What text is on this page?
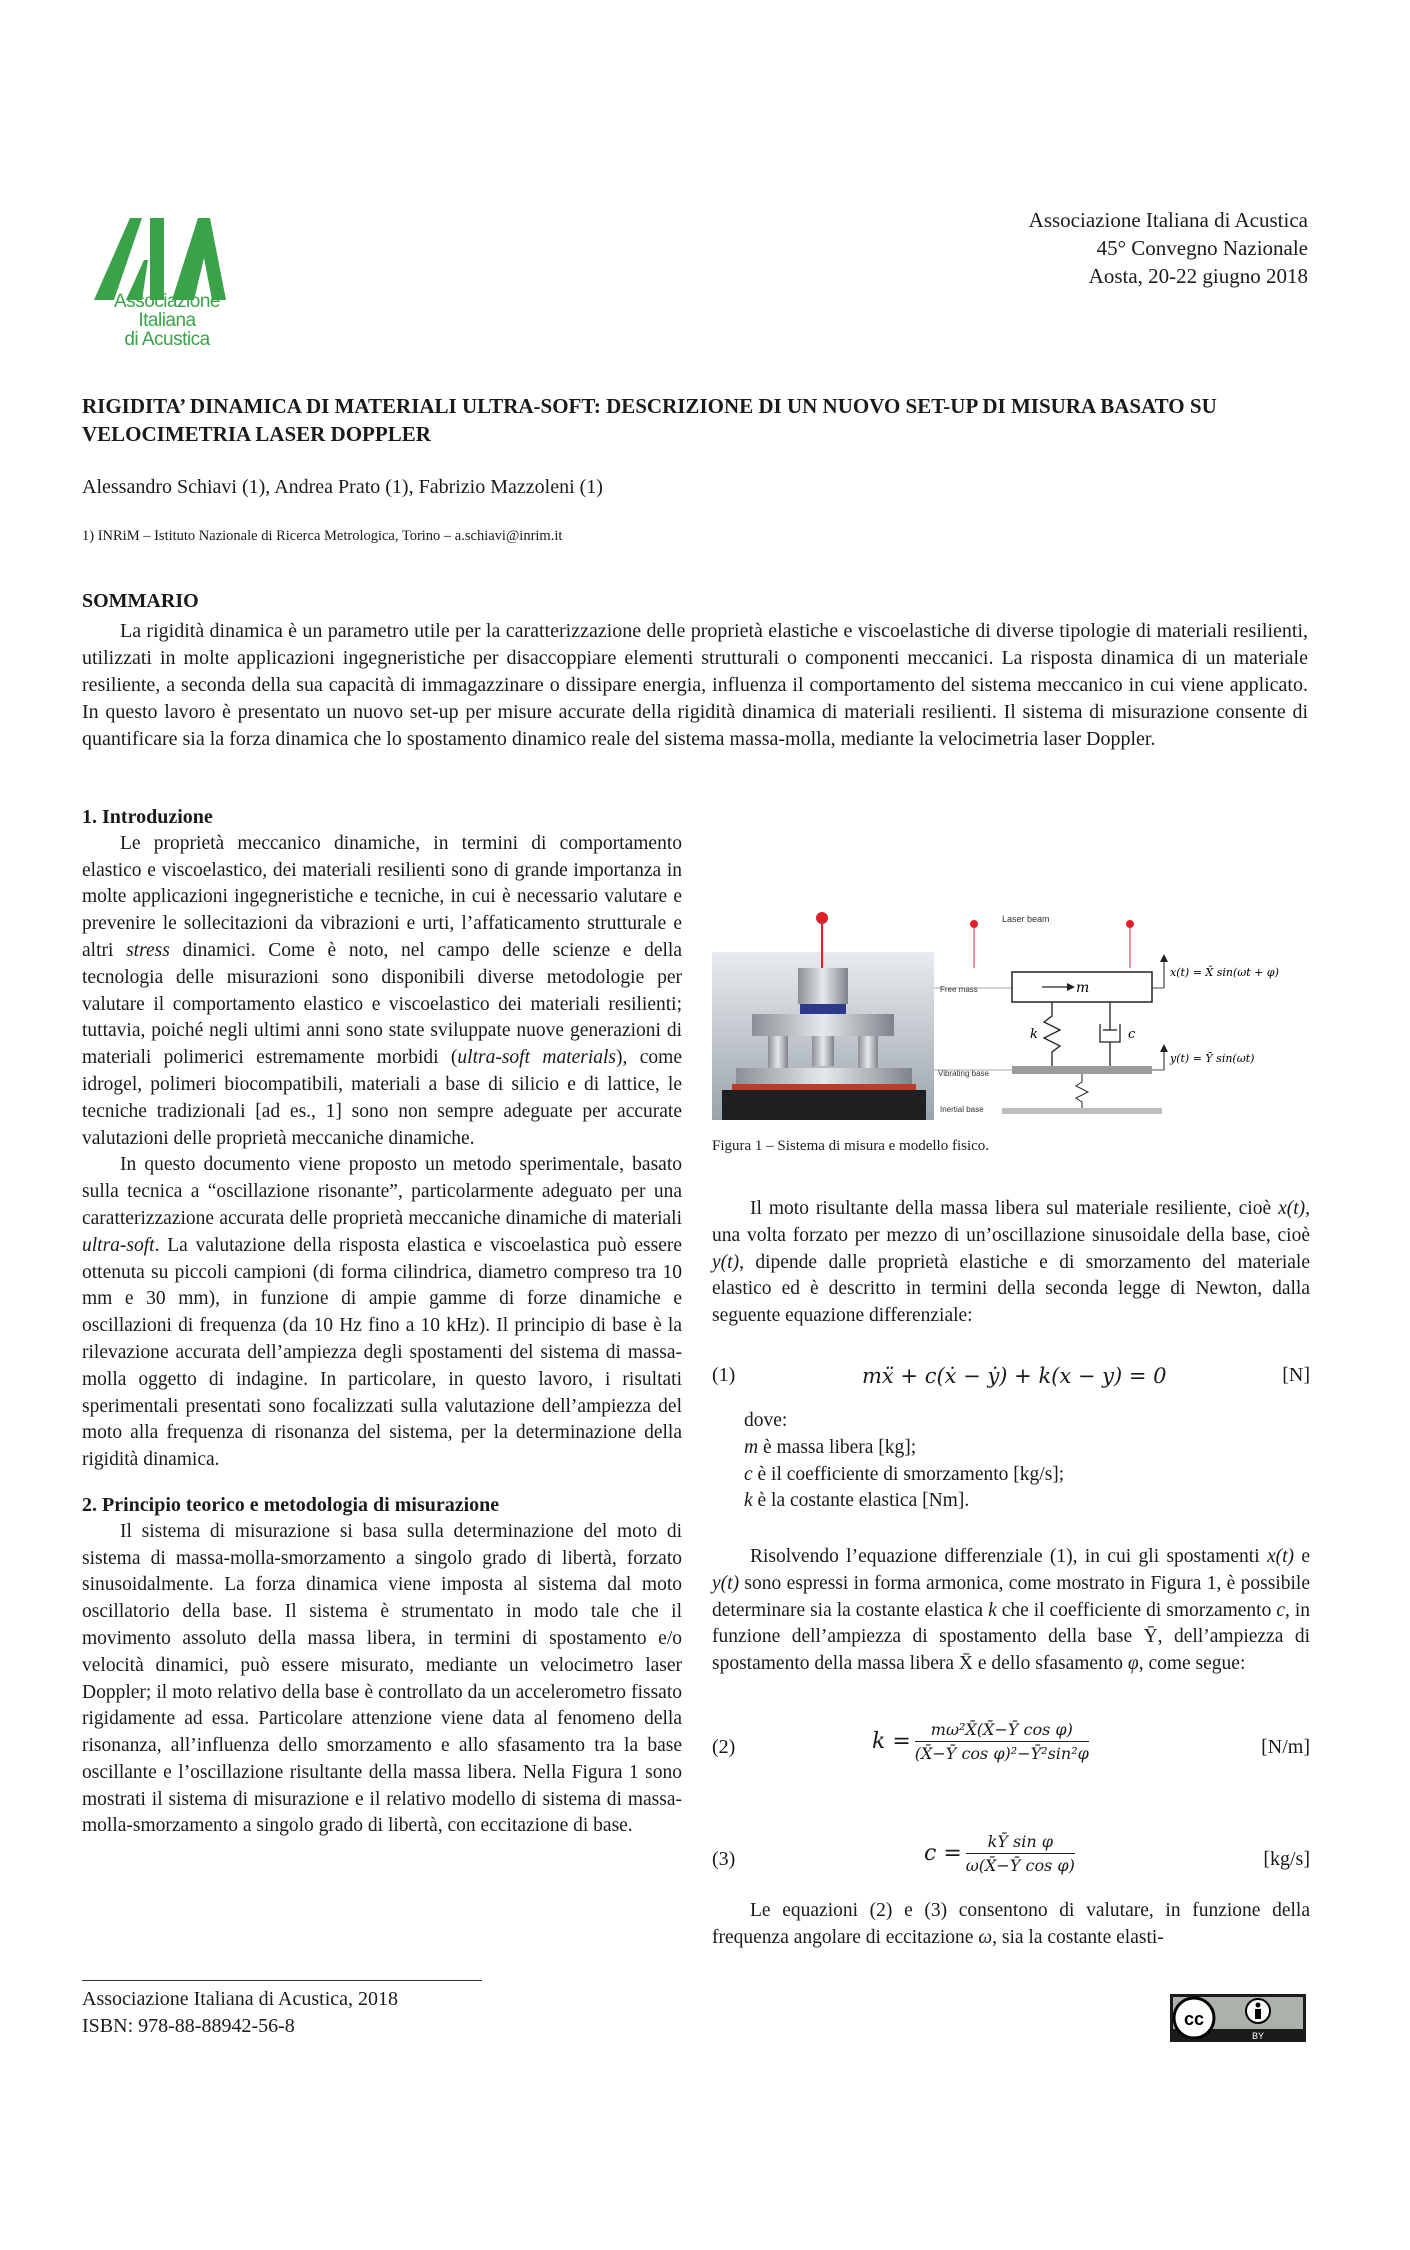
Associazione
Italiana
di Acustica
Associazione Italiana di Acustica
45° Convegno Nazionale
Aosta, 20-22 giugno 2018
RIGIDITA’ DINAMICA DI MATERIALI ULTRA-SOFT: DESCRIZIONE DI UN NUOVO SET-UP DI MISURA BASATO SU VELOCIMETRIA LASER DOPPLER
Alessandro Schiavi (1), Andrea Prato (1), Fabrizio Mazzoleni (1)
1) INRiM – Istituto Nazionale di Ricerca Metrologica, Torino – a.schiavi@inrim.it
SOMMARIO

La rigidità dinamica è un parametro utile per la caratterizzazione delle proprietà elastiche e viscoelastiche di diverse tipologie di materiali resilienti, utilizzati in molte applicazioni ingegneristiche per disaccoppiare elementi strutturali o componenti meccanici. La risposta dinamica di un materiale resiliente, a seconda della sua capacità di immagazzinare o dissipare energia, influenza il comportamento del sistema meccanico in cui viene applicato. In questo lavoro è presentato un nuovo set-up per misure accurate della rigidità dinamica di materiali resilienti. Il sistema di misurazione consente di quantificare sia la forza dinamica che lo spostamento dinamico reale del sistema massa-molla, mediante la velocimetria laser Doppler.

1. Introduzione

Le proprietà meccanico dinamiche, in termini di comportamento elastico e viscoelastico, dei materiali resilienti sono di grande importanza in molte applicazioni ingegneristiche e tecniche, in cui è necessario valutare e prevenire le sollecitazioni da vibrazioni e urti, l’affaticamento strutturale e altri stress dinamici. Come è noto, nel campo delle scienze e della tecnologia delle misurazioni sono disponibili diverse metodologie per valutare il comportamento elastico e viscoelastico dei materiali resilienti; tuttavia, poiché negli ultimi anni sono state sviluppate nuove generazioni di materiali polimerici estremamente morbidi (ultra-soft materials), come idrogel, polimeri biocompatibili, materiali a base di silicio e di lattice, le tecniche tradizionali [ad es., 1] sono non sempre adeguate per accurate valutazioni delle proprietà meccaniche dinamiche.

In questo documento viene proposto un metodo sperimentale, basato sulla tecnica a “oscillazione risonante”, particolarmente adeguato per una caratterizzazione accurata delle proprietà meccaniche dinamiche di materiali ultra-soft. La valutazione della risposta elastica e viscoelastica può essere ottenuta su piccoli campioni (di forma cilindrica, diametro compreso tra 10 mm e 30 mm), in funzione di ampie gamme di forze dinamiche e oscillazioni di frequenza (da 10 Hz fino a 10 kHz). Il principio di base è la rilevazione accurata dell’ampiezza degli spostamenti del sistema di massa-molla oggetto di indagine. In particolare, in questo lavoro, i risultati sperimentali presentati sono focalizzati sulla valutazione dell’ampiezza del moto alla frequenza di risonanza del sistema, per la determinazione della rigidità dinamica.

2. Principio teorico e metodologia di misurazione

Il sistema di misurazione si basa sulla determinazione del moto di sistema di massa-molla-smorzamento a singolo grado di libertà, forzato sinusoidalmente. La forza dinamica viene imposta al sistema dal moto oscillatorio della base. Il sistema è strumentato in modo tale che il movimento assoluto della massa libera, in termini di spostamento e/o velocità dinamici, può essere misurato, mediante un velocimetro laser Doppler; il moto relativo della base è controllato da un accelerometro fissato rigidamente ad essa. Particolare attenzione viene data al fenomeno della risonanza, all’influenza dello smorzamento e allo sfasamento tra la base oscillante e l’oscillazione risultante della massa libera. Nella Figura 1 sono mostrati il sistema di misurazione e il relativo modello di sistema di massa-molla-smorzamento a singolo grado di libertà, con eccitazione di base.

Laser beam
Free mass	m
k	c
Vibrating base
Inertial base
x(t) = X̄ sin(ωt + φ)
y(t) = Ȳ sin(ωt)
Figura 1 – Sistema di misura e modello fisico.

Il moto risultante della massa libera sul materiale resiliente, cioè x(t), una volta forzato per mezzo di un’oscillazione sinusoidale della base, cioè y(t), dipende dalle proprietà elastiche e di smorzamento del materiale elastico ed è descritto in termini della seconda legge di Newton, dalla seguente equazione differenziale:

(1)	mẍ + c(ẋ − ẏ) + k(x − y) = 0	[N]
dove:
m è massa libera [kg];
c è il coefficiente di smorzamento [kg/s];
k è la costante elastica [Nm].

Risolvendo l’equazione differenziale (1), in cui gli spostamenti x(t) e y(t) sono espressi in forma armonica, come mostrato in Figura 1, è possibile determinare sia la costante elastica k che il coefficiente di smorzamento c, in funzione dell’ampiezza di spostamento della base Ȳ, dell’ampiezza di spostamento della massa libera X̄ e dello sfasamento φ, come segue:

(2)	$k = \frac{\text{mω²X̄(X̄−Ȳ cos φ)}}{\text{(X̄−Ȳ cos φ)²−Ȳ²sin²φ}}$	[N/m]
(3)	$c = \frac{\text{kȲ sin φ}}{\text{ω(X̄−Ȳ cos φ)}}$	[kg/s]

Le equazioni (2) e (3) consentono di valutare, in funzione della frequenza angolare di eccitazione ω, sia la costante elasti-

Associazione Italiana di Acustica, 2018
ISBN: 978-88-88942-56-8	cc
BY
